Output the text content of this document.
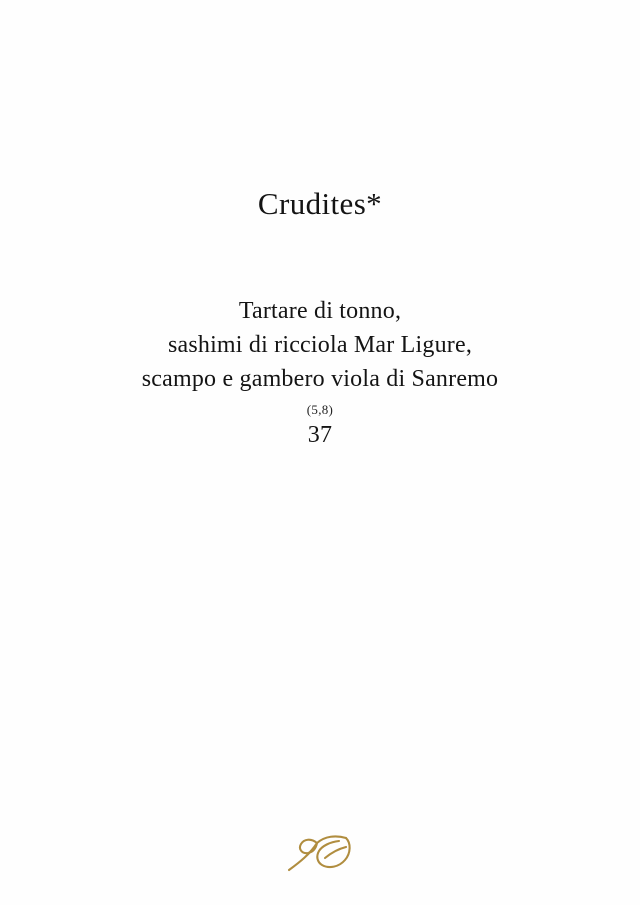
Crudites*
Tartare di tonno,
sashimi di ricciola Mar Ligure,
scampo e gambero viola di Sanremo
(5,8)
37
